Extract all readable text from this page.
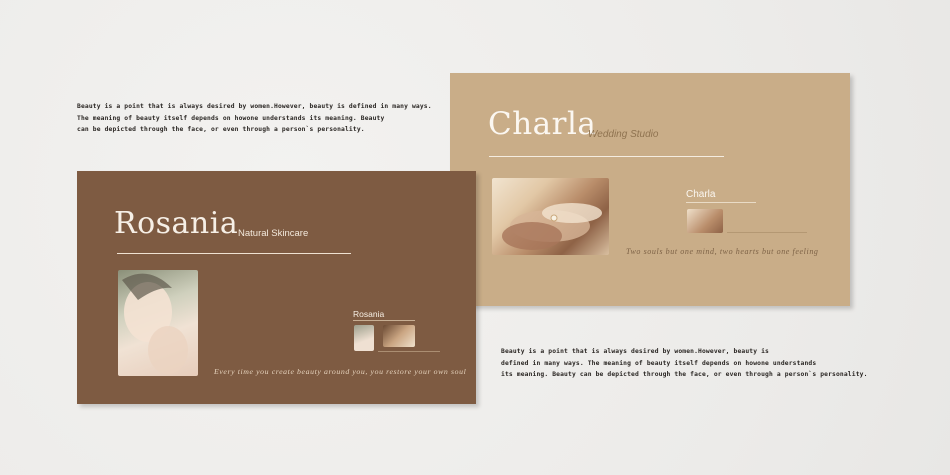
Beauty is a point that is always desired by women.However, beauty is defined in many ways.
The meaning of beauty itself depends on howone understands its meaning. Beauty
can be depicted through the face, or even through a person`s personality.	Charla
Wedding Studio
Charla
Two souls but one mind, two hearts but one feeling
Rosania Natural Skincare
Rosania
Every time you create beauty around you, you restore your own soul
Beauty is a point that is always desired by women.However, beauty is
defined in many ways. The meaning of beauty itself depends on howone understands
its meaning. Beauty can be depicted through the face, or even through a person`s personality.
